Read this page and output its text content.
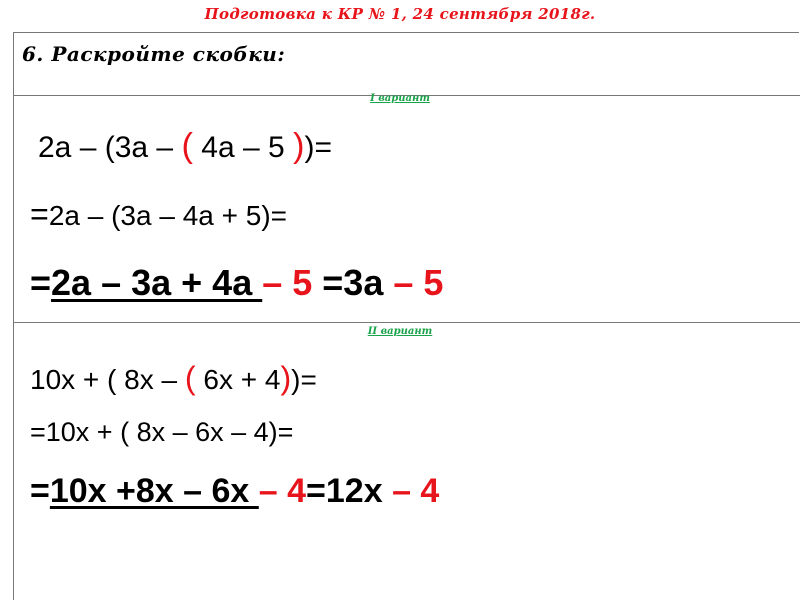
Подготовка к КР № 1, 24 сентября 2018г.
6. Раскройте скобки:
I вариант
2а – (3а – ( 4а – 5 ))=
=2а – (3а – 4а + 5)=
=2а – 3а + 4а – 5 =3а – 5
II вариант
10х + ( 8х – ( 6х + 4))=
=10х + ( 8х – 6х – 4)=
=10х +8х – 6х – 4=12х – 4
